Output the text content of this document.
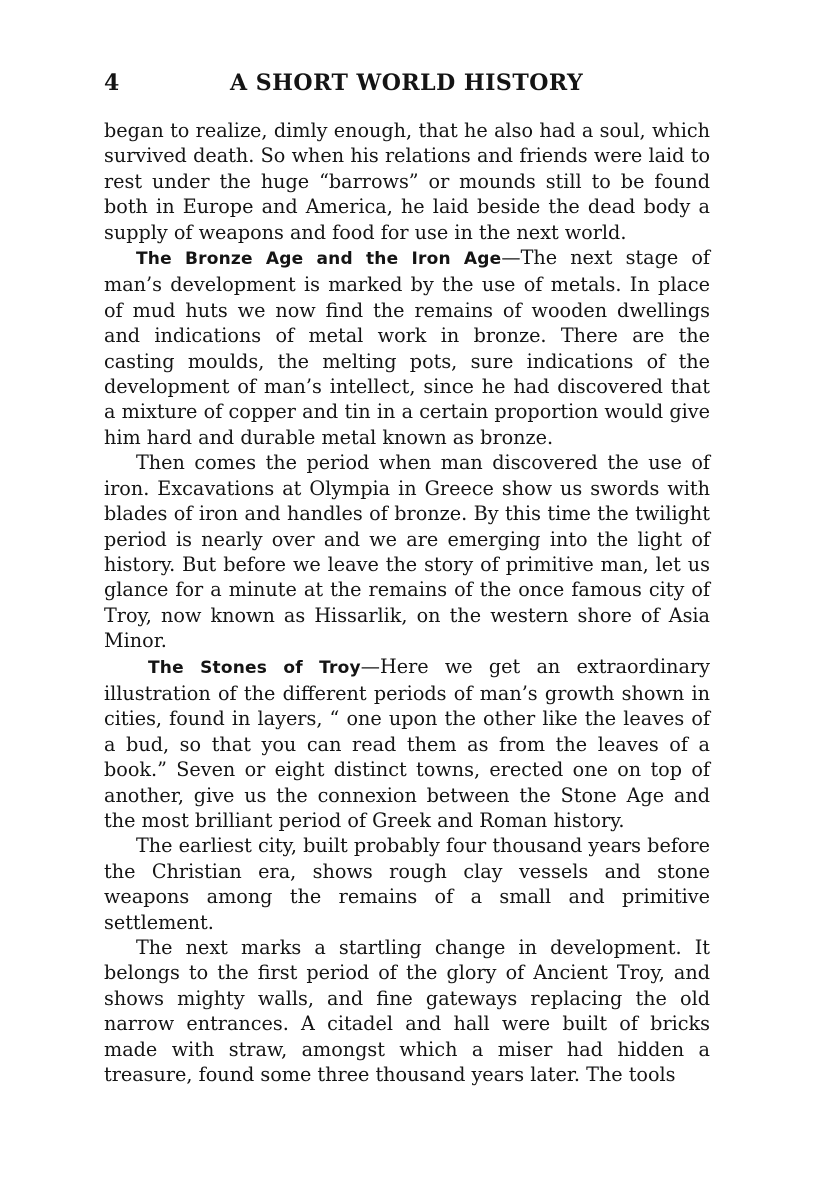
4	A SHORT WORLD HISTORY

began to realize, dimly enough, that he also had a soul, which survived death. So when his relations and friends were laid to rest under the huge “barrows” or mounds still to be found both in Europe and America, he laid beside the dead body a supply of weapons and food for use in the next world.

The Bronze Age and the Iron Age—The next stage of man’s development is marked by the use of metals. In place of mud huts we now find the remains of wooden dwellings and indications of metal work in bronze. There are the casting moulds, the melting pots, sure indications of the development of man’s intellect, since he had discovered that a mixture of copper and tin in a certain proportion would give him hard and durable metal known as bronze.

Then comes the period when man discovered the use of iron. Excavations at Olympia in Greece show us swords with blades of iron and handles of bronze. By this time the twilight period is nearly over and we are emerging into the light of history. But before we leave the story of primitive man, let us glance for a minute at the remains of the once famous city of Troy, now known as Hissarlik, on the western shore of Asia Minor.

The Stones of Troy—Here we get an extraordinary illustration of the different periods of man’s growth shown in cities, found in layers, “ one upon the other like the leaves of a bud, so that you can read them as from the leaves of a book.” Seven or eight distinct towns, erected one on top of another, give us the connexion between the Stone Age and the most brilliant period of Greek and Roman history.

The earliest city, built probably four thousand years before the Christian era, shows rough clay vessels and stone weapons among the remains of a small and primitive settlement.

The next marks a startling change in development. It belongs to the first period of the glory of Ancient Troy, and shows mighty walls, and fine gateways replacing the old narrow entrances. A citadel and hall were built of bricks made with straw, amongst which a miser had hidden a treasure, found some three thousand years later. The tools
